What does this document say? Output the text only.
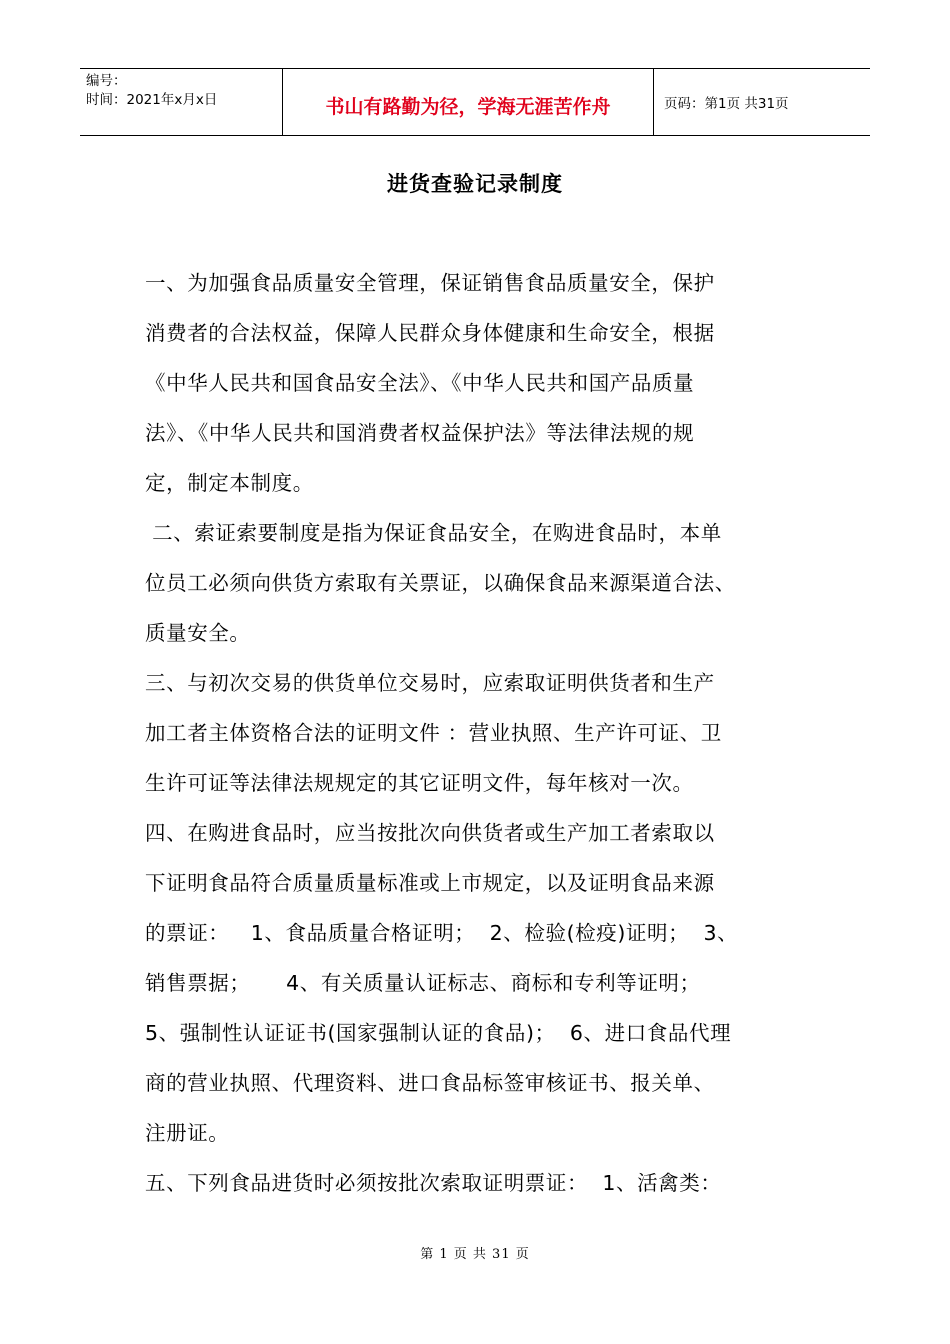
编号：
时间：2021年x月x日	书山有路勤为径，学海无涯苦作舟	页码：第1页 共31页
进货查验记录制度
一、为加强食品质量安全管理，保证销售食品质量安全，保护
消费者的合法权益，保障人民群众身体健康和生命安全，根据
《中华人民共和国食品安全法》、《中华人民共和国产品质量
法》、《中华人民共和国消费者权益保护法》等法律法规的规
定，制定本制度。
二、索证索要制度是指为保证食品安全，在购进食品时，本单
位员工必须向供货方索取有关票证，以确保食品来源渠道合法、
质量安全。
三、与初次交易的供货单位交易时，应索取证明供货者和生产
加工者主体资格合法的证明文件 ：营业执照、生产许可证、卫
生许可证等法律法规规定的其它证明文件，每年核对一次。
四、在购进食品时，应当按批次向供货者或生产加工者索取以
下证明食品符合质量质量标准或上市规定，以及证明食品来源
的票证：   1、食品质量合格证明；  2、检验(检疫)证明；  3、
销售票据；     4、有关质量认证标志、商标和专利等证明；
5、强制性认证证书(国家强制认证的食品)；  6、进口食品代理
商的营业执照、代理资料、进口食品标签审核证书、报关单、
注册证。
五、下列食品进货时必须按批次索取证明票证：  1、活禽类：
第 1 页 共 31 页
